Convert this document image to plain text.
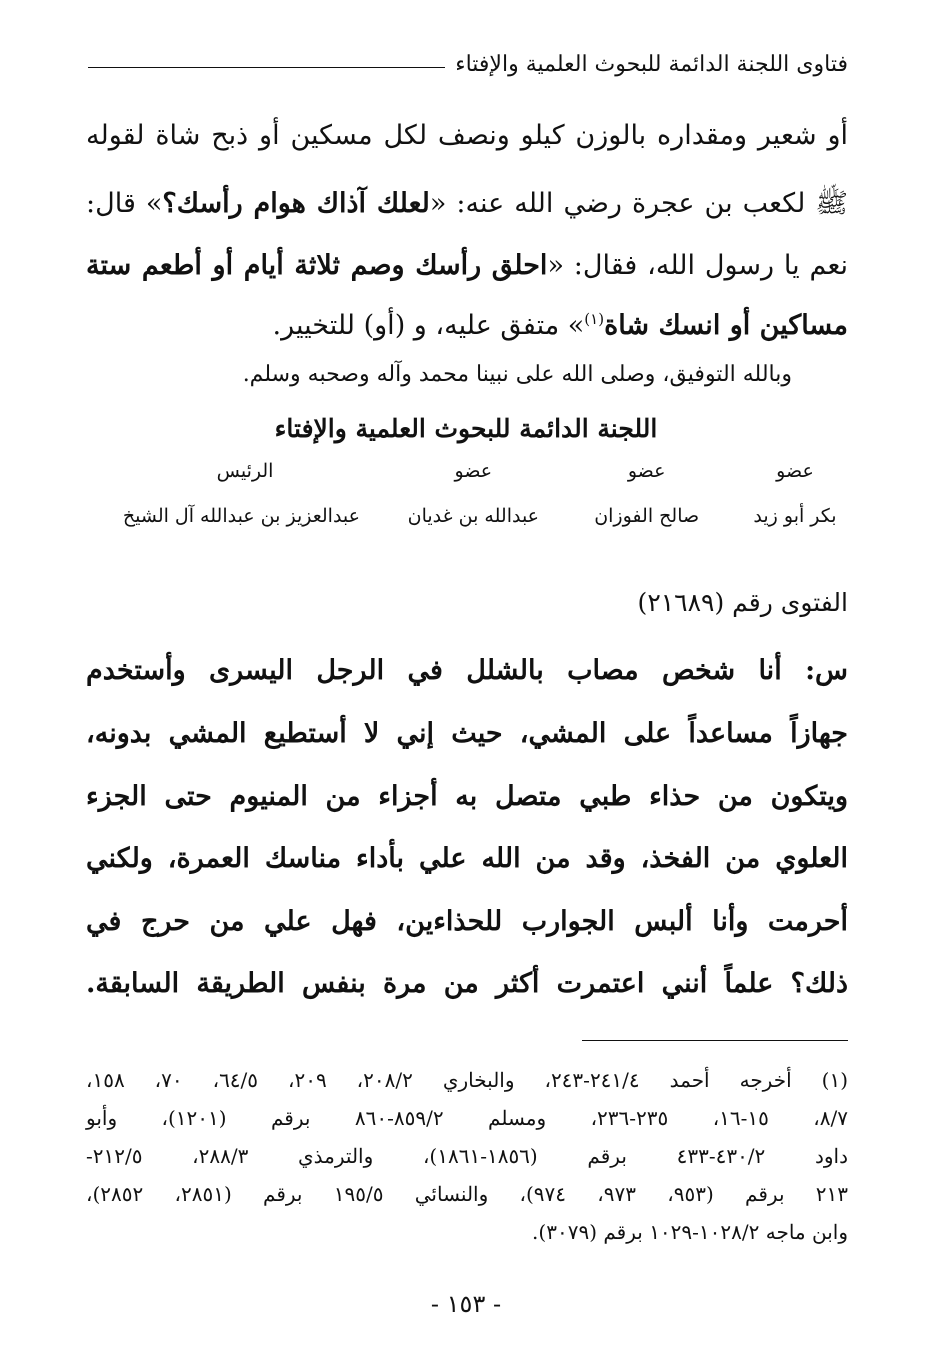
فتاوى اللجنة الدائمة للبحوث العلمية والإفتاء
أو شعير ومقداره بالوزن كيلو ونصف لكل مسكين أو ذبح شاة لقوله
ﷺ لكعب بن عجرة رضي الله عنه: «لعلك آذاك هوام رأسك؟» قال:
نعم يا رسول الله، فقال: «احلق رأسك وصم ثلاثة أيام أو أطعم ستة
مساكين أو انسك شاة$^{(١)}$» متفق عليه، و (أو) للتخيير.
وبالله التوفيق، وصلى الله على نبينا محمد وآله وصحبه وسلم.
اللجنة الدائمة للبحوث العلمية والإفتاء
عضو
عضو
عضو
الرئيس
بكر أبو زيد
صالح الفوزان
عبدالله بن غديان
عبدالعزيز بن عبدالله آل الشيخ
الفتوى رقم (٢١٦٨٩)
س: أنا شخص مصاب بالشلل في الرجل اليسرى وأستخدم
جهازاً مساعداً على المشي، حيث إني لا أستطيع المشي بدونه،
ويتكون من حذاء طبي متصل به أجزاء من المنيوم حتى الجزء
العلوي من الفخذ، وقد من الله علي بأداء مناسك العمرة، ولكني
أحرمت وأنا ألبس الجوارب للحذاءين، فهل علي من حرج في
ذلك؟ علماً أنني اعتمرت أكثر من مرة بنفس الطريقة السابقة.
(١) أخرجه أحمد ٢٤١/٤-٢٤٣، والبخاري ٢٠٨/٢، ٢٠٩، ٦٤/٥، ٧٠، ١٥٨،
٨/٧، ١٥-١٦، ٢٣٥-٢٣٦، ومسلم ٨٥٩/٢-٨٦٠ برقم (١٢٠١)، وأبو
داود ٤٣٠/٢-٤٣٣ برقم (١٨٥٦-١٨٦١)، والترمذي ٢٨٨/٣، ٢١٢/٥-
٢١٣ برقم (٩٥٣، ٩٧٣، ٩٧٤)، والنسائي ١٩٥/٥ برقم (٢٨٥١، ٢٨٥٢)،
وابن ماجه ١٠٢٨/٢-١٠٢٩ برقم (٣٠٧٩).
- ١٥٣ -
